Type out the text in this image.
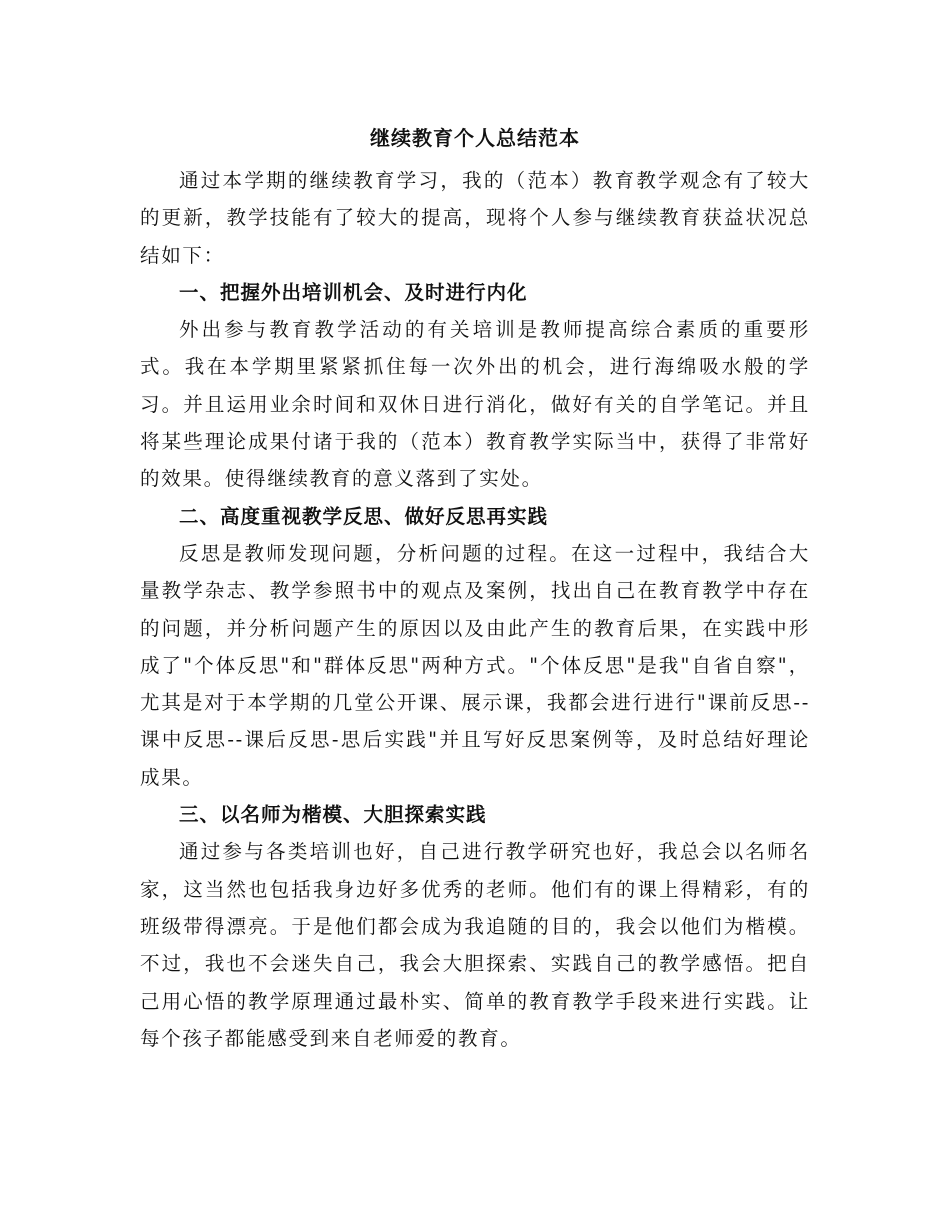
继续教育个人总结范本

通过本学期的继续教育学习，我的（范本）教育教学观念有了较大的更新，教学技能有了较大的提高，现将个人参与继续教育获益状况总结如下：

一、把握外出培训机会、及时进行内化

外出参与教育教学活动的有关培训是教师提高综合素质的重要形式。我在本学期里紧紧抓住每一次外出的机会，进行海绵吸水般的学习。并且运用业余时间和双休日进行消化，做好有关的自学笔记。并且将某些理论成果付诸于我的（范本）教育教学实际当中，获得了非常好的效果。使得继续教育的意义落到了实处。

二、高度重视教学反思、做好反思再实践

反思是教师发现问题，分析问题的过程。在这一过程中，我结合大量教学杂志、教学参照书中的观点及案例，找出自己在教育教学中存在的问题，并分析问题产生的原因以及由此产生的教育后果，在实践中形成了"个体反思"和"群体反思"两种方式。"个体反思"是我"自省自察"，尤其是对于本学期的几堂公开课、展示课，我都会进行进行"课前反思--课中反思--课后反思-思后实践"并且写好反思案例等，及时总结好理论成果。

三、以名师为楷模、大胆探索实践

通过参与各类培训也好，自己进行教学研究也好，我总会以名师名家，这当然也包括我身边好多优秀的老师。他们有的课上得精彩，有的班级带得漂亮。于是他们都会成为我追随的目的，我会以他们为楷模。不过，我也不会迷失自己，我会大胆探索、实践自己的教学感悟。把自己用心悟的教学原理通过最朴实、简单的教育教学手段来进行实践。让每个孩子都能感受到来自老师爱的教育。
